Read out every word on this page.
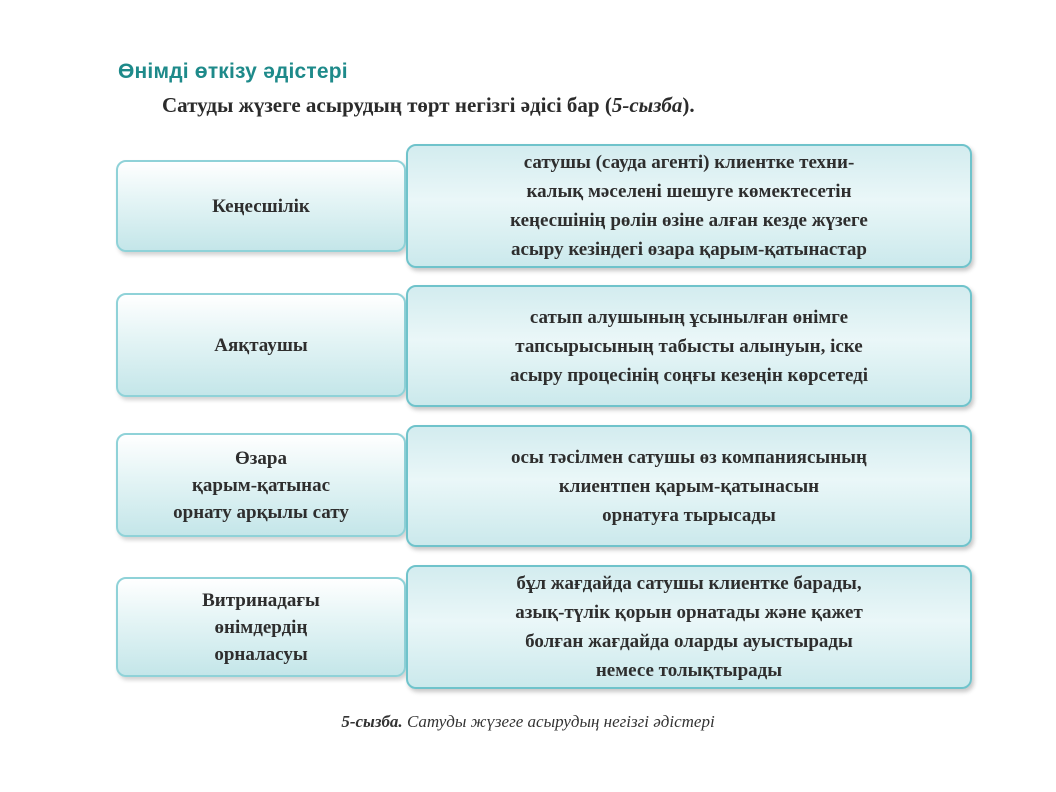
Өнімді өткізу әдістері
Сатуды жүзеге асырудың төрт негізгі әдісі бар (5-сызба).
Кеңесшілік
сатушы (сауда агенті) клиентке техни-
калық мәселені шешуге көмектесетін
кеңесшінің рөлін өзіне алған кезде жүзеге
асыру кезіндегі өзара қарым-қатынастар
Аяқтаушы
сатып алушының ұсынылған өнімге
тапсырысының табысты алынуын, іске
асыру процесінің соңғы кезеңін көрсетеді
Өзара
қарым-қатынас
орнату арқылы сату
осы тәсілмен сатушы өз компаниясының
клиентпен қарым-қатынасын
орнатуға тырысады
Витринадағы
өнімдердің
орналасуы
бұл жағдайда сатушы клиентке барады,
азық-түлік қорын орнатады және қажет
болған жағдайда оларды ауыстырады
немесе толықтырады
5-сызба. Сатуды жүзеге асырудың негізгі әдістері
